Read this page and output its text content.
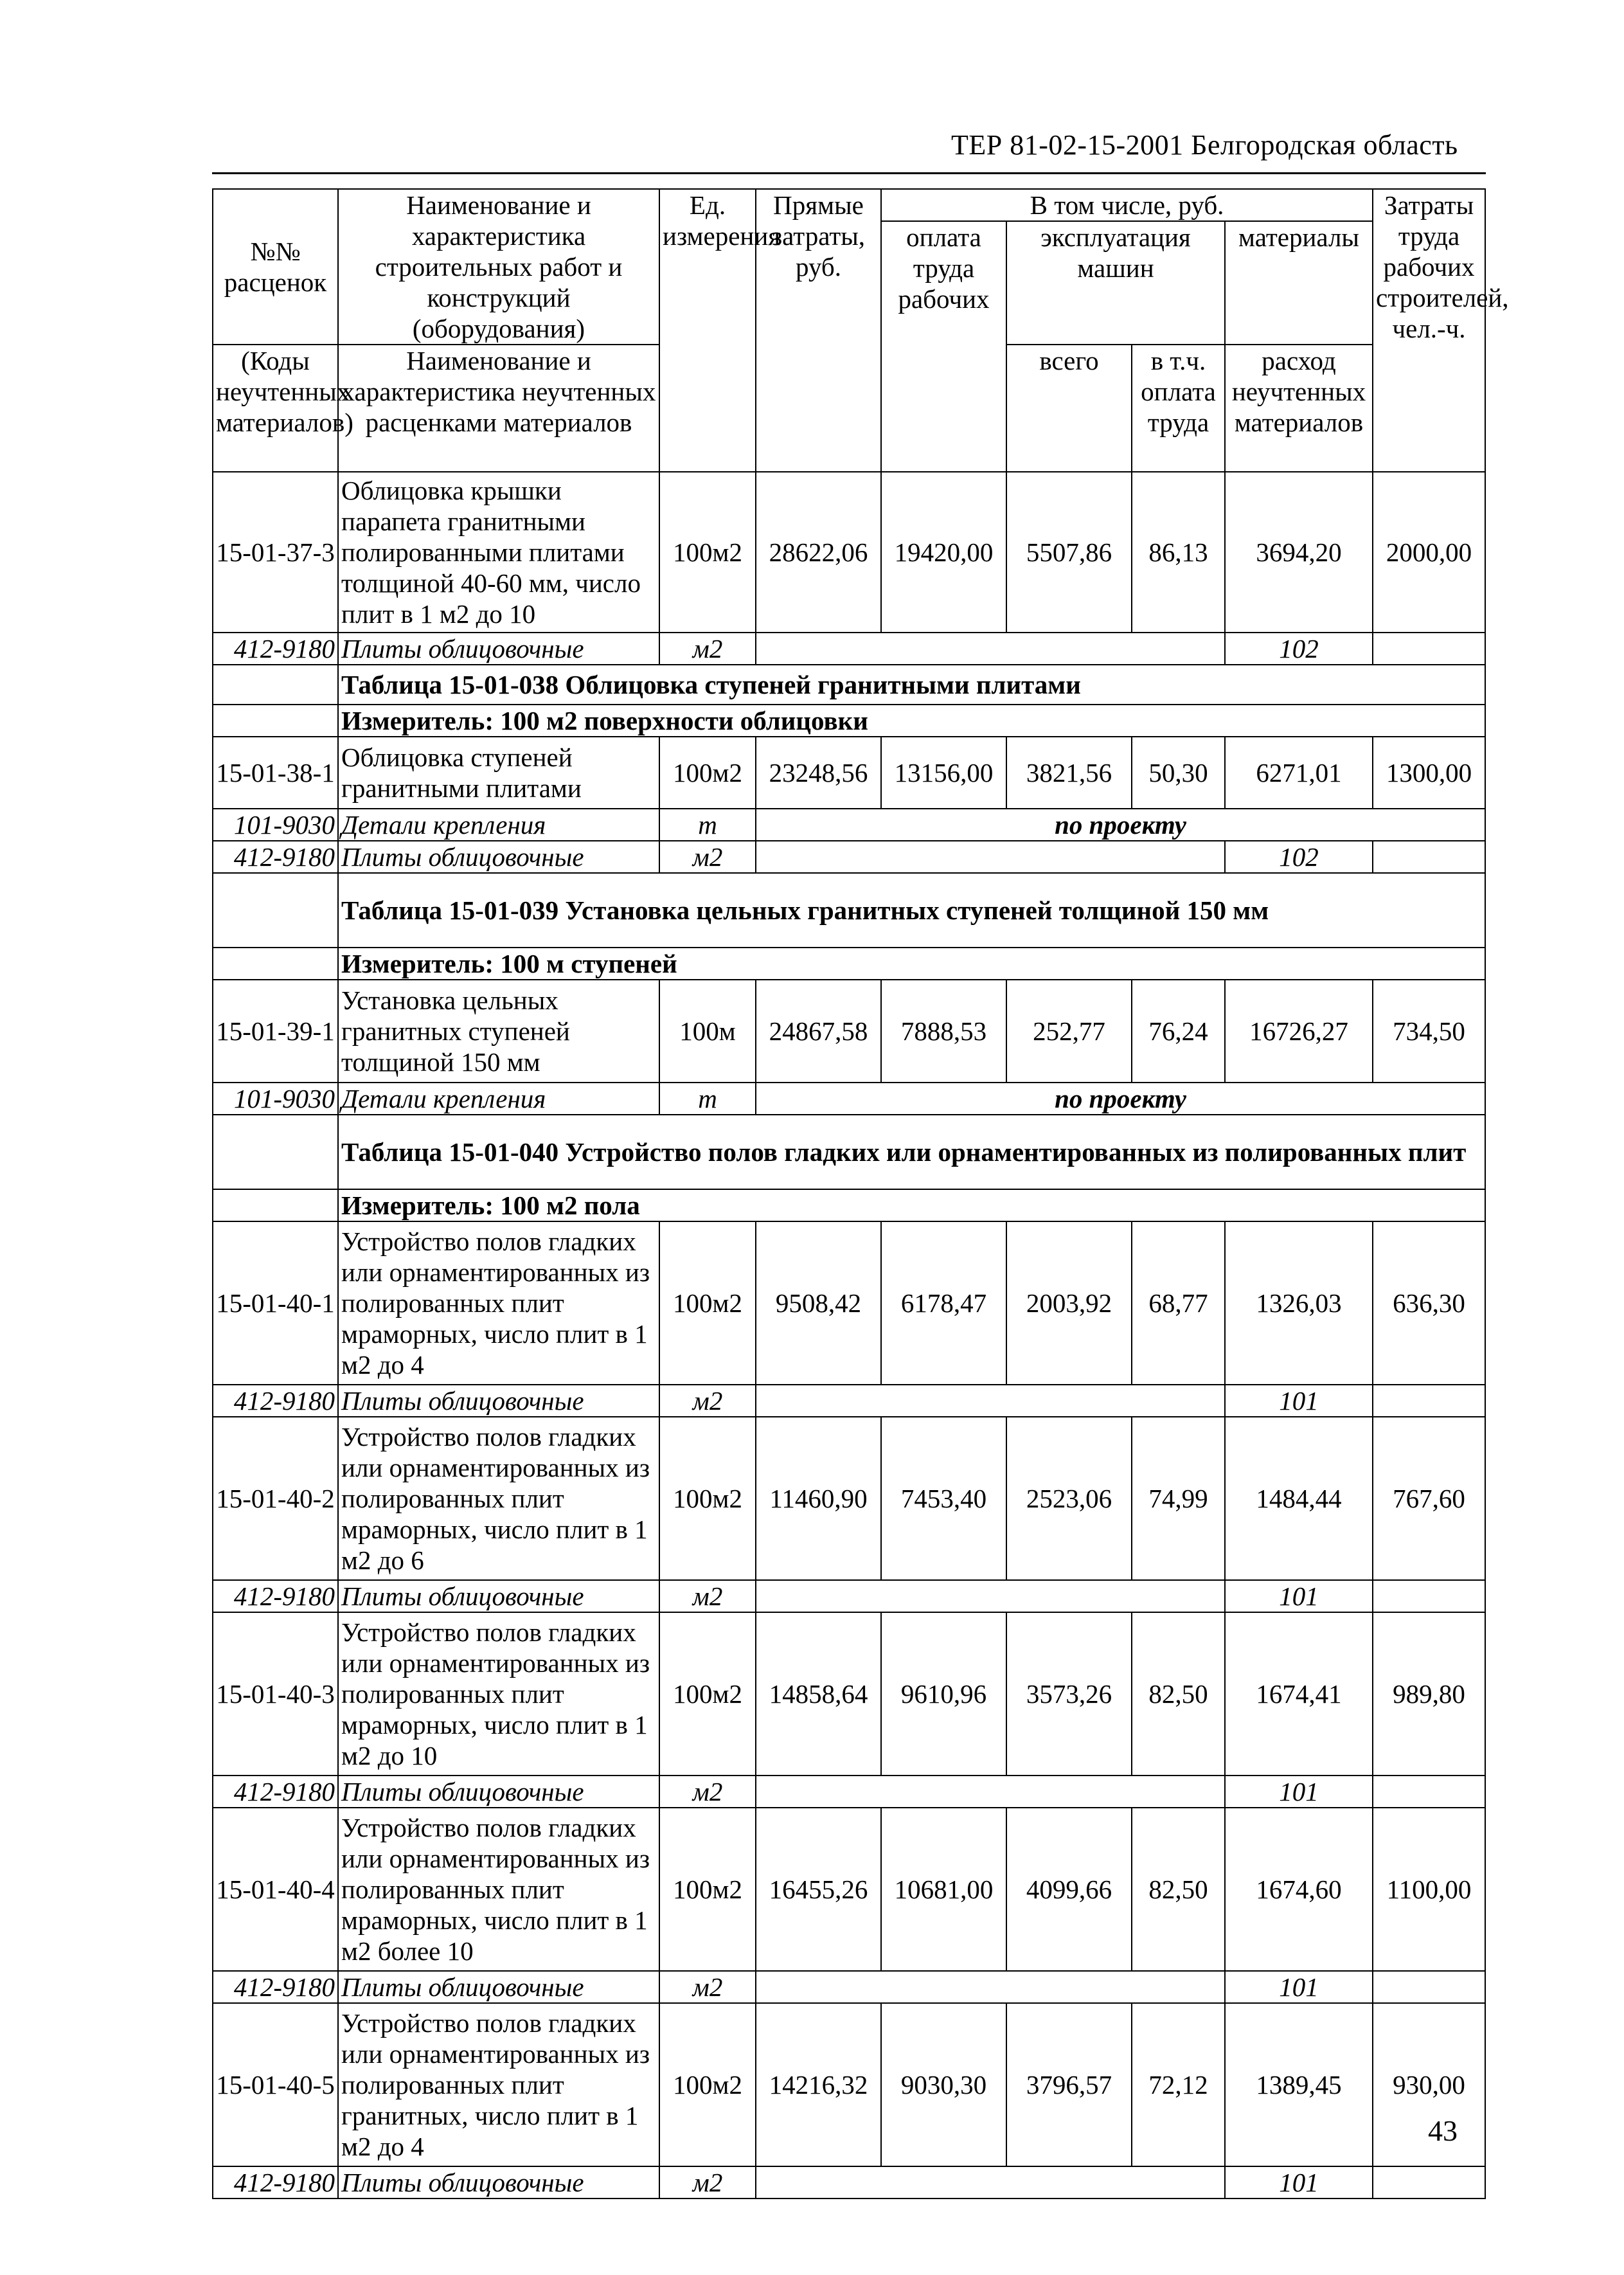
ТЕР 81-02-15-2001 Белгородская область
№№ расценок	Наименование и характеристика строительных работ и конструкций (оборудования)	Ед. измерения	Прямые затраты, руб.	В том числе, руб.				Затраты труда рабочих строителей, чел.-ч.
				оплата труда рабочих	эксплуатация машин		материалы	

(Коды неучтенных материалов)	Наименование и характеристика неучтенных расценками материалов				всего	в т.ч. оплата труда	расход неучтенных материалов	

15-01-37-3	Облицовка крышки парапета гранитными полированными плитами толщиной 40-60 мм, число плит в 1 м2 до 10	100м2	28622,06	19420,00	5507,86	86,13	3694,20	2000,00
412-9180	Плиты облицовочные	м2					102	
	Таблица 15-01-038 Облицовка ступеней гранитными плитами							
	Измеритель: 100 м2 поверхности облицовки							
15-01-38-1	Облицовка ступеней гранитными плитами	100м2	23248,56	13156,00	3821,56	50,30	6271,01	1300,00
101-9030	Детали крепления	т	по проекту					
412-9180	Плиты облицовочные	м2					102	
	Таблица 15-01-039 Установка цельных гранитных ступеней толщиной 150 мм							
	Измеритель: 100 м ступеней							
15-01-39-1	Установка цельных гранитных ступеней толщиной 150 мм	100м	24867,58	7888,53	252,77	76,24	16726,27	734,50
101-9030	Детали крепления	т	по проекту					
	Таблица 15-01-040 Устройство полов гладких или орнаментированных из полированных плит							
	Измеритель: 100 м2 пола							
15-01-40-1	Устройство полов гладких или орнаментированных из полированных плит мраморных, число плит в 1 м2 до 4	100м2	9508,42	6178,47	2003,92	68,77	1326,03	636,30
412-9180	Плиты облицовочные	м2					101	
15-01-40-2	Устройство полов гладких или орнаментированных из полированных плит мраморных, число плит в 1 м2 до 6	100м2	11460,90	7453,40	2523,06	74,99	1484,44	767,60
412-9180	Плиты облицовочные	м2					101	
15-01-40-3	Устройство полов гладких или орнаментированных из полированных плит мраморных, число плит в 1 м2 до 10	100м2	14858,64	9610,96	3573,26	82,50	1674,41	989,80
412-9180	Плиты облицовочные	м2					101	
15-01-40-4	Устройство полов гладких или орнаментированных из полированных плит мраморных, число плит в 1 м2 более 10	100м2	16455,26	10681,00	4099,66	82,50	1674,60	1100,00
412-9180	Плиты облицовочные	м2					101	
15-01-40-5	Устройство полов гладких или орнаментированных из полированных плит гранитных, число плит в 1 м2 до 4	100м2	14216,32	9030,30	3796,57	72,12	1389,45	930,00
412-9180	Плиты облицовочные	м2					101	
43
